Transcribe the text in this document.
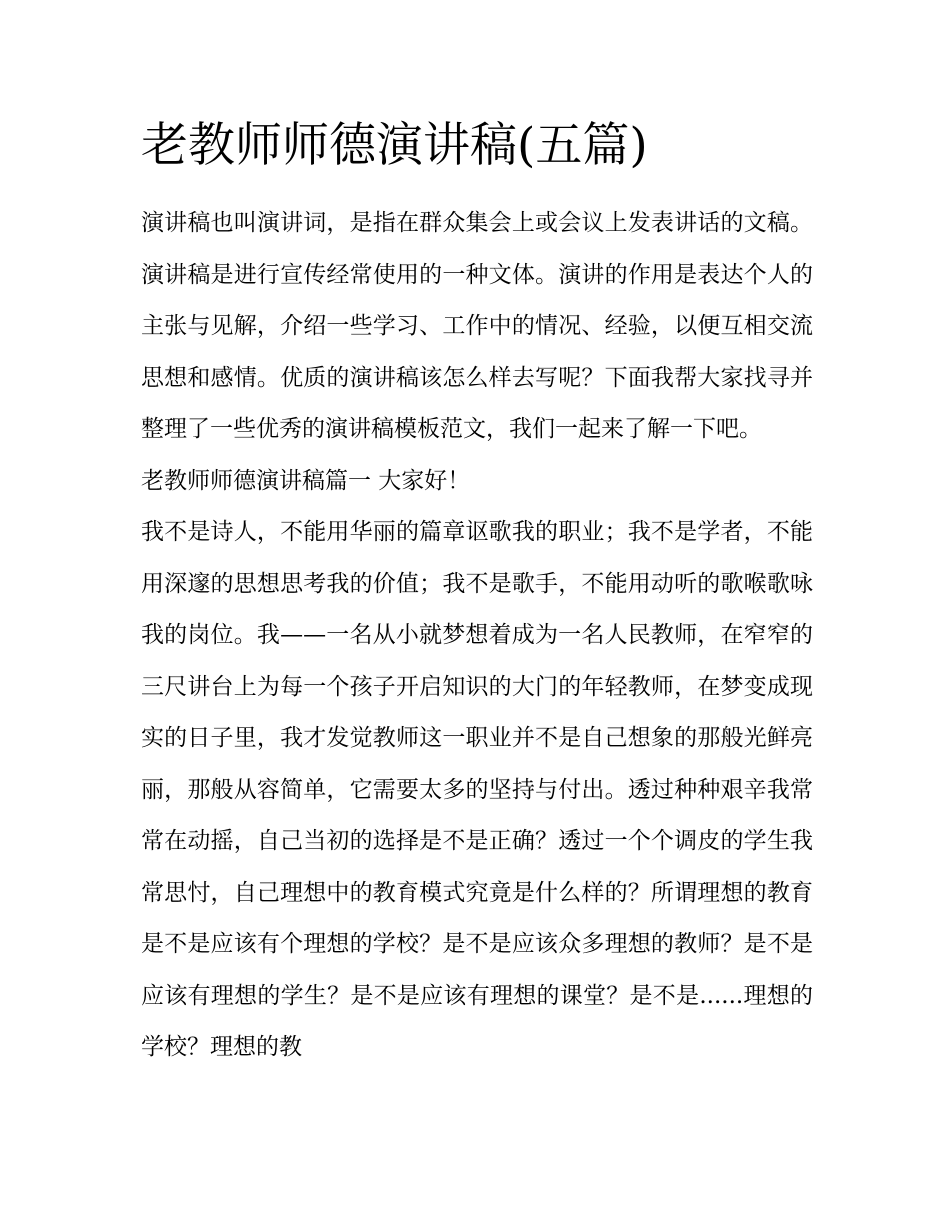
老教师师德演讲稿(五篇)

演讲稿也叫演讲词，是指在群众集会上或会议上发表讲话的文稿。演讲稿是进行宣传经常使用的一种文体。演讲的作用是表达个人的主张与见解，介绍一些学习、工作中的情况、经验，以便互相交流思想和感情。优质的演讲稿该怎么样去写呢？下面我帮大家找寻并整理了一些优秀的演讲稿模板范文，我们一起来了解一下吧。

老教师师德演讲稿篇一 大家好！

我不是诗人，不能用华丽的篇章讴歌我的职业；我不是学者，不能用深邃的思想思考我的价值；我不是歌手，不能用动听的歌喉歌咏我的岗位。我——一名从小就梦想着成为一名人民教师，在窄窄的三尺讲台上为每一个孩子开启知识的大门的年轻教师，在梦变成现实的日子里，我才发觉教师这一职业并不是自己想象的那般光鲜亮丽，那般从容简单，它需要太多的坚持与付出。透过种种艰辛我常常在动摇，自己当初的选择是不是正确？透过一个个调皮的学生我常思忖，自己理想中的教育模式究竟是什么样的？所谓理想的教育是不是应该有个理想的学校？是不是应该众多理想的教师？是不是应该有理想的学生？是不是应该有理想的课堂？是不是......理想的学校？理想的教
